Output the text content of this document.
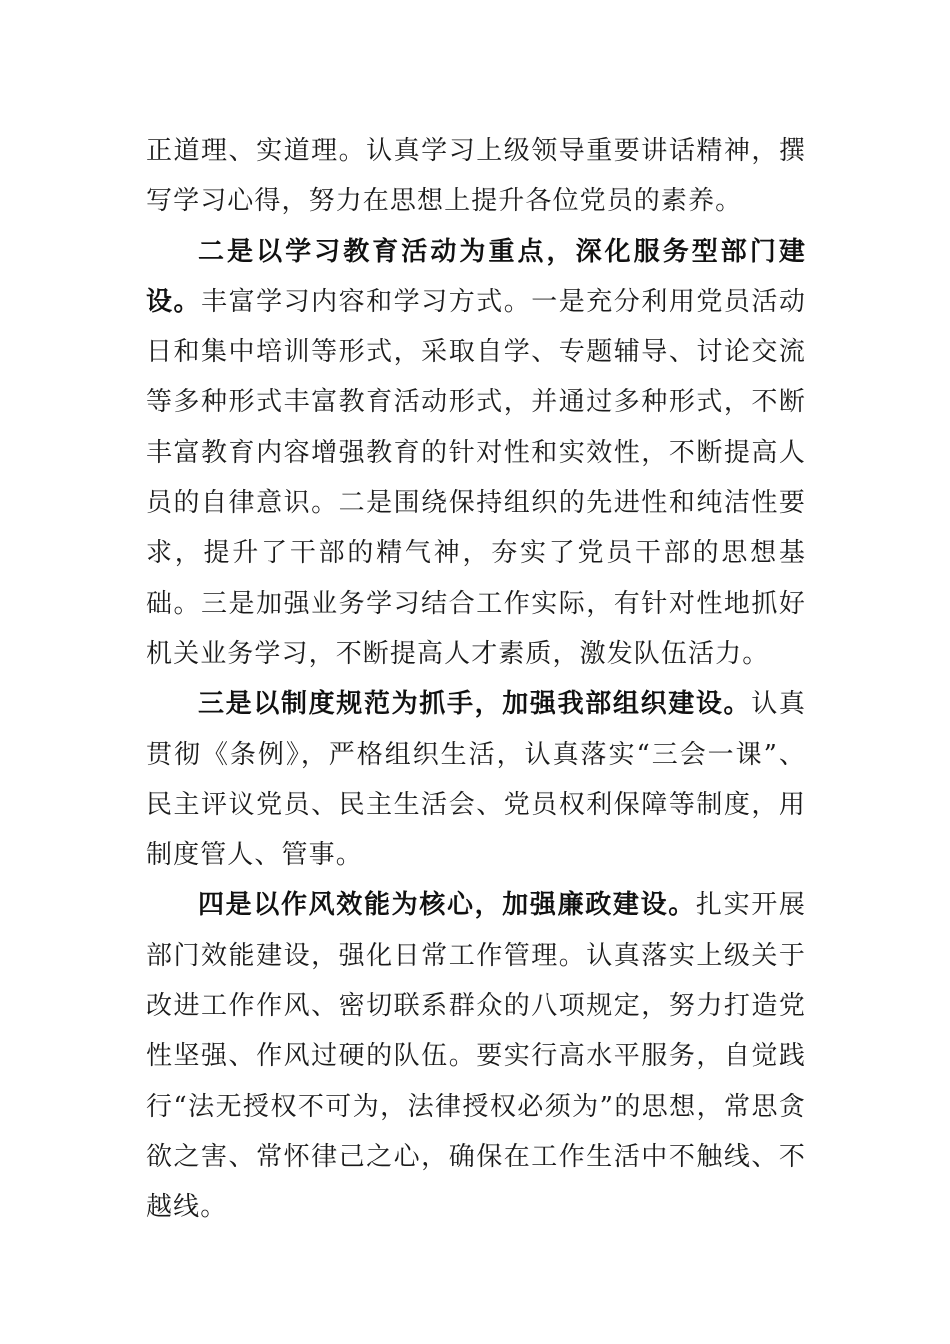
正道理、实道理。认真学习上级领导重要讲话精神，撰写学习心得，努力在思想上提升各位党员的素养。

二是以学习教育活动为重点，深化服务型部门建设。丰富学习内容和学习方式。一是充分利用党员活动日和集中培训等形式，采取自学、专题辅导、讨论交流等多种形式丰富教育活动形式，并通过多种形式，不断丰富教育内容增强教育的针对性和实效性，不断提高人员的自律意识。二是围绕保持组织的先进性和纯洁性要求，提升了干部的精气神，夯实了党员干部的思想基础。三是加强业务学习结合工作实际，有针对性地抓好机关业务学习，不断提高人才素质，激发队伍活力。

三是以制度规范为抓手，加强我部组织建设。认真贯彻《条例》，严格组织生活，认真落实“三会一课”、民主评议党员、民主生活会、党员权利保障等制度，用制度管人、管事。

四是以作风效能为核心，加强廉政建设。扎实开展部门效能建设，强化日常工作管理。认真落实上级关于改进工作作风、密切联系群众的八项规定，努力打造党性坚强、作风过硬的队伍。要实行高水平服务，自觉践行“法无授权不可为，法律授权必须为”的思想，常思贪欲之害、常怀律己之心，确保在工作生活中不触线、不越线。
